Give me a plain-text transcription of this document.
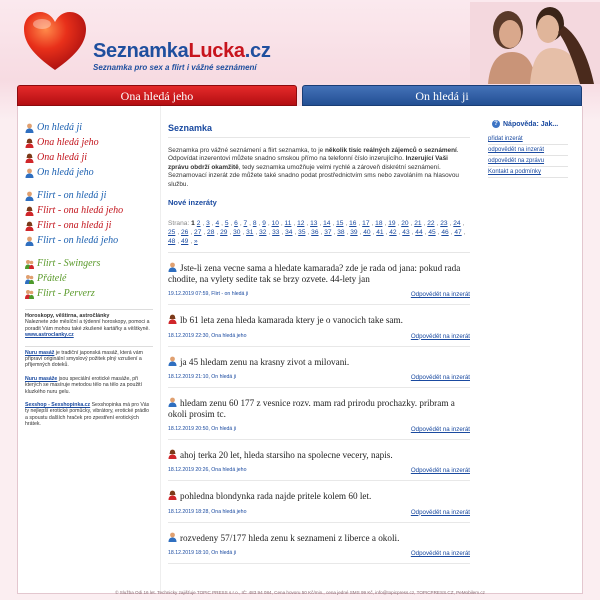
SeznamkaLucka.cz
Seznamka pro sex a flirt i vážné seznámení
Ona hledá jeho	On hledá ji
On hledá ji
Ona hledá jeho
Ona hledá ji
On hledá jeho
Flirt - on hledá ji
Flirt - ona hledá jeho
Flirt - ona hledá ji
Flirt - on hledá jeho
Flirt - Swingers
Přátelé
Flirt - Perverz
Horoskopy, věštirna, astročlánky
Naleznete zde měsíční a týdenní horoskopy, pomoci a poradit Vám mohou také zkušené kartářky a věštkyně.
www.astroclanky.cz
Nuru masáž je tradiční japonská masáž, která vám připraví originální smyslový požitek plný vzrušení a příjemných doteků.
Nuru masáže jsou speciální erotické masáže, při kterých se masíruje metodou tělo na tělo za použití kluzkého nuru gelu.
Sexshop - Sexshopinka.cz Sexshopinka má pro Vás ty nejlepší erotické pomůcky, vibrátory, erotické prádlo a spoustu dalších hraček pro zpestření erotických hrátek.
Seznamka
Seznamka pro vážné seznámení a flirt seznamka, to je několik tisíc reálných zájemců o seznámení. Odpovídat inzerentovi můžete snadno smskou přímo na telefonní číslo inzerujícího. Inzerující Vaši zprávu obdrží okamžitě, tedy seznamka umožňuje velmi rychlé a zároveň diskrétní seznámení. Seznamovací inzerát zde můžete také snadno podat prostřednictvím sms nebo zavoláním na hlasovou službu.
Nové inzeráty
Strana: 1 2 , 3 , 4 , 5 , 6 , 7 , 8 , 9 , 10 , 11 , 12 , 13 , 14 , 15 , 16 , 17 , 18 , 19 , 20 , 21 , 22 , 23 , 24 , 25 , 26 , 27 , 28 , 29 , 30 , 31 , 32 , 33 , 34 , 35 , 36 , 37 , 38 , 39 , 40 , 41 , 42 , 43 , 44 , 45 , 46 , 47 , 48 , 49 , »
Jste-li zena vecne sama a hledate kamarada? zde je rada od jana: pokud rada chodite, na vylety sedite tak se brzy ozvete. 44-lety jan
19.12.2019 07:59, Flirt - on hledá ji	Odpovědět na inzerát
lb 61 leta zena hleda kamarada ktery je o vanocich take sam.
18.12.2019 22:30, Ona hledá jeho	Odpovědět na inzerát
ja 45 hledam zenu na krasny zivot a milovani.
18.12.2019 21:10, On hledá ji	Odpovědět na inzerát
hledam zenu 60 177 z vesnice rozv. mam rad prirodu prochazky. pribram a okoli prosim tc.
18.12.2019 20:50, On hledá ji	Odpovědět na inzerát
ahoj terka 20 let, hleda starsiho na spolecne vecery, napis.
18.12.2019 20:26, Ona hledá jeho	Odpovědět na inzerát
pohledna blondynka rada najde pritele kolem 60 let.
18.12.2019 18:28, Ona hledá jeho	Odpovědět na inzerát
rozvedeny 57/177 hleda zenu k seznameni z liberce a okoli.
18.12.2019 18:10, On hledá ji	Odpovědět na inzerát
? Nápověda: Jak...
přidat inzerát
odpovědět na inzerát
odpovědět na zprávu
Kontakt a podmínky
© Služba Odi 16 let. Technicky zajišťuje TOPIC PRESS s.r.o., IČ: 483 94 084, Cena hovoru 50 Kč/min., cena jedné SMS 99 Kč, info@topicpress.cz, TOPICPRESS.CZ, PeMobilem.cz
